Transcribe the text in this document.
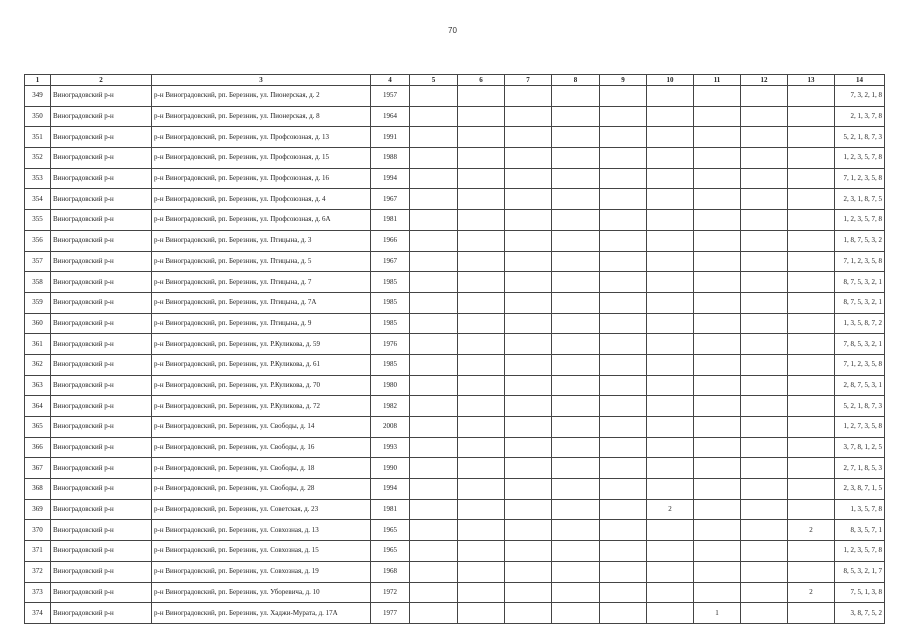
70
1	2	3	4	5	6	7	8	9	10	11	12	13	14
349	Виноградовский р-н	р-н Виноградовский, рп. Березник, ул. Пионерская, д. 2	1957										7, 3, 2, 1, 8
350	Виноградовский р-н	р-н Виноградовский, рп. Березник, ул. Пионерская, д. 8	1964										2, 1, 3, 7, 8
351	Виноградовский р-н	р-н Виноградовский, рп. Березник, ул. Профсоюзная, д. 13	1991										5, 2, 1, 8, 7, 3
352	Виноградовский р-н	р-н Виноградовский, рп. Березник, ул. Профсоюзная, д. 15	1988										1, 2, 3, 5, 7, 8
353	Виноградовский р-н	р-н Виноградовский, рп. Березник, ул. Профсоюзная, д. 16	1994										7, 1, 2, 3, 5, 8
354	Виноградовский р-н	р-н Виноградовский, рп. Березник, ул. Профсоюзная, д. 4	1967										2, 3, 1, 8, 7, 5
355	Виноградовский р-н	р-н Виноградовский, рп. Березник, ул. Профсоюзная, д. 6А	1981										1, 2, 3, 5, 7, 8
356	Виноградовский р-н	р-н Виноградовский, рп. Березник, ул. Птицына, д. 3	1966										1, 8, 7, 5, 3, 2
357	Виноградовский р-н	р-н Виноградовский, рп. Березник, ул. Птицына, д. 5	1967										7, 1, 2, 3, 5, 8
358	Виноградовский р-н	р-н Виноградовский, рп. Березник, ул. Птицына, д. 7	1985										8, 7, 5, 3, 2, 1
359	Виноградовский р-н	р-н Виноградовский, рп. Березник, ул. Птицына, д. 7А	1985										8, 7, 5, 3, 2, 1
360	Виноградовский р-н	р-н Виноградовский, рп. Березник, ул. Птицына, д. 9	1985										1, 3, 5, 8, 7, 2
361	Виноградовский р-н	р-н Виноградовский, рп. Березник, ул. Р.Куликова, д. 59	1976										7, 8, 5, 3, 2, 1
362	Виноградовский р-н	р-н Виноградовский, рп. Березник, ул. Р.Куликова, д. 61	1985										7, 1, 2, 3, 5, 8
363	Виноградовский р-н	р-н Виноградовский, рп. Березник, ул. Р.Куликова, д. 70	1980										2, 8, 7, 5, 3, 1
364	Виноградовский р-н	р-н Виноградовский, рп. Березник, ул. Р.Куликова, д. 72	1982										5, 2, 1, 8, 7, 3
365	Виноградовский р-н	р-н Виноградовский, рп. Березник, ул. Свободы, д. 14	2008										1, 2, 7, 3, 5, 8
366	Виноградовский р-н	р-н Виноградовский, рп. Березник, ул. Свободы, д. 16	1993										3, 7, 8, 1, 2, 5
367	Виноградовский р-н	р-н Виноградовский, рп. Березник, ул. Свободы, д. 18	1990										2, 7, 1, 8, 5, 3
368	Виноградовский р-н	р-н Виноградовский, рп. Березник, ул. Свободы, д. 28	1994										2, 3, 8, 7, 1, 5
369	Виноградовский р-н	р-н Виноградовский, рп. Березник, ул. Советская, д. 23	1981						2				1, 3, 5, 7, 8
370	Виноградовский р-н	р-н Виноградовский, рп. Березник, ул. Совхозная, д. 13	1965									2	8, 3, 5, 7, 1
371	Виноградовский р-н	р-н Виноградовский, рп. Березник, ул. Совхозная, д. 15	1965										1, 2, 3, 5, 7, 8
372	Виноградовский р-н	р-н Виноградовский, рп. Березник, ул. Совхозная, д. 19	1968										8, 5, 3, 2, 1, 7
373	Виноградовский р-н	р-н Виноградовский, рп. Березник, ул. Уборевича, д. 10	1972									2	7, 5, 1, 3, 8
374	Виноградовский р-н	р-н Виноградовский, рп. Березник, ул. Хаджи-Мурата, д. 17А	1977							1			3, 8, 7, 5, 2
